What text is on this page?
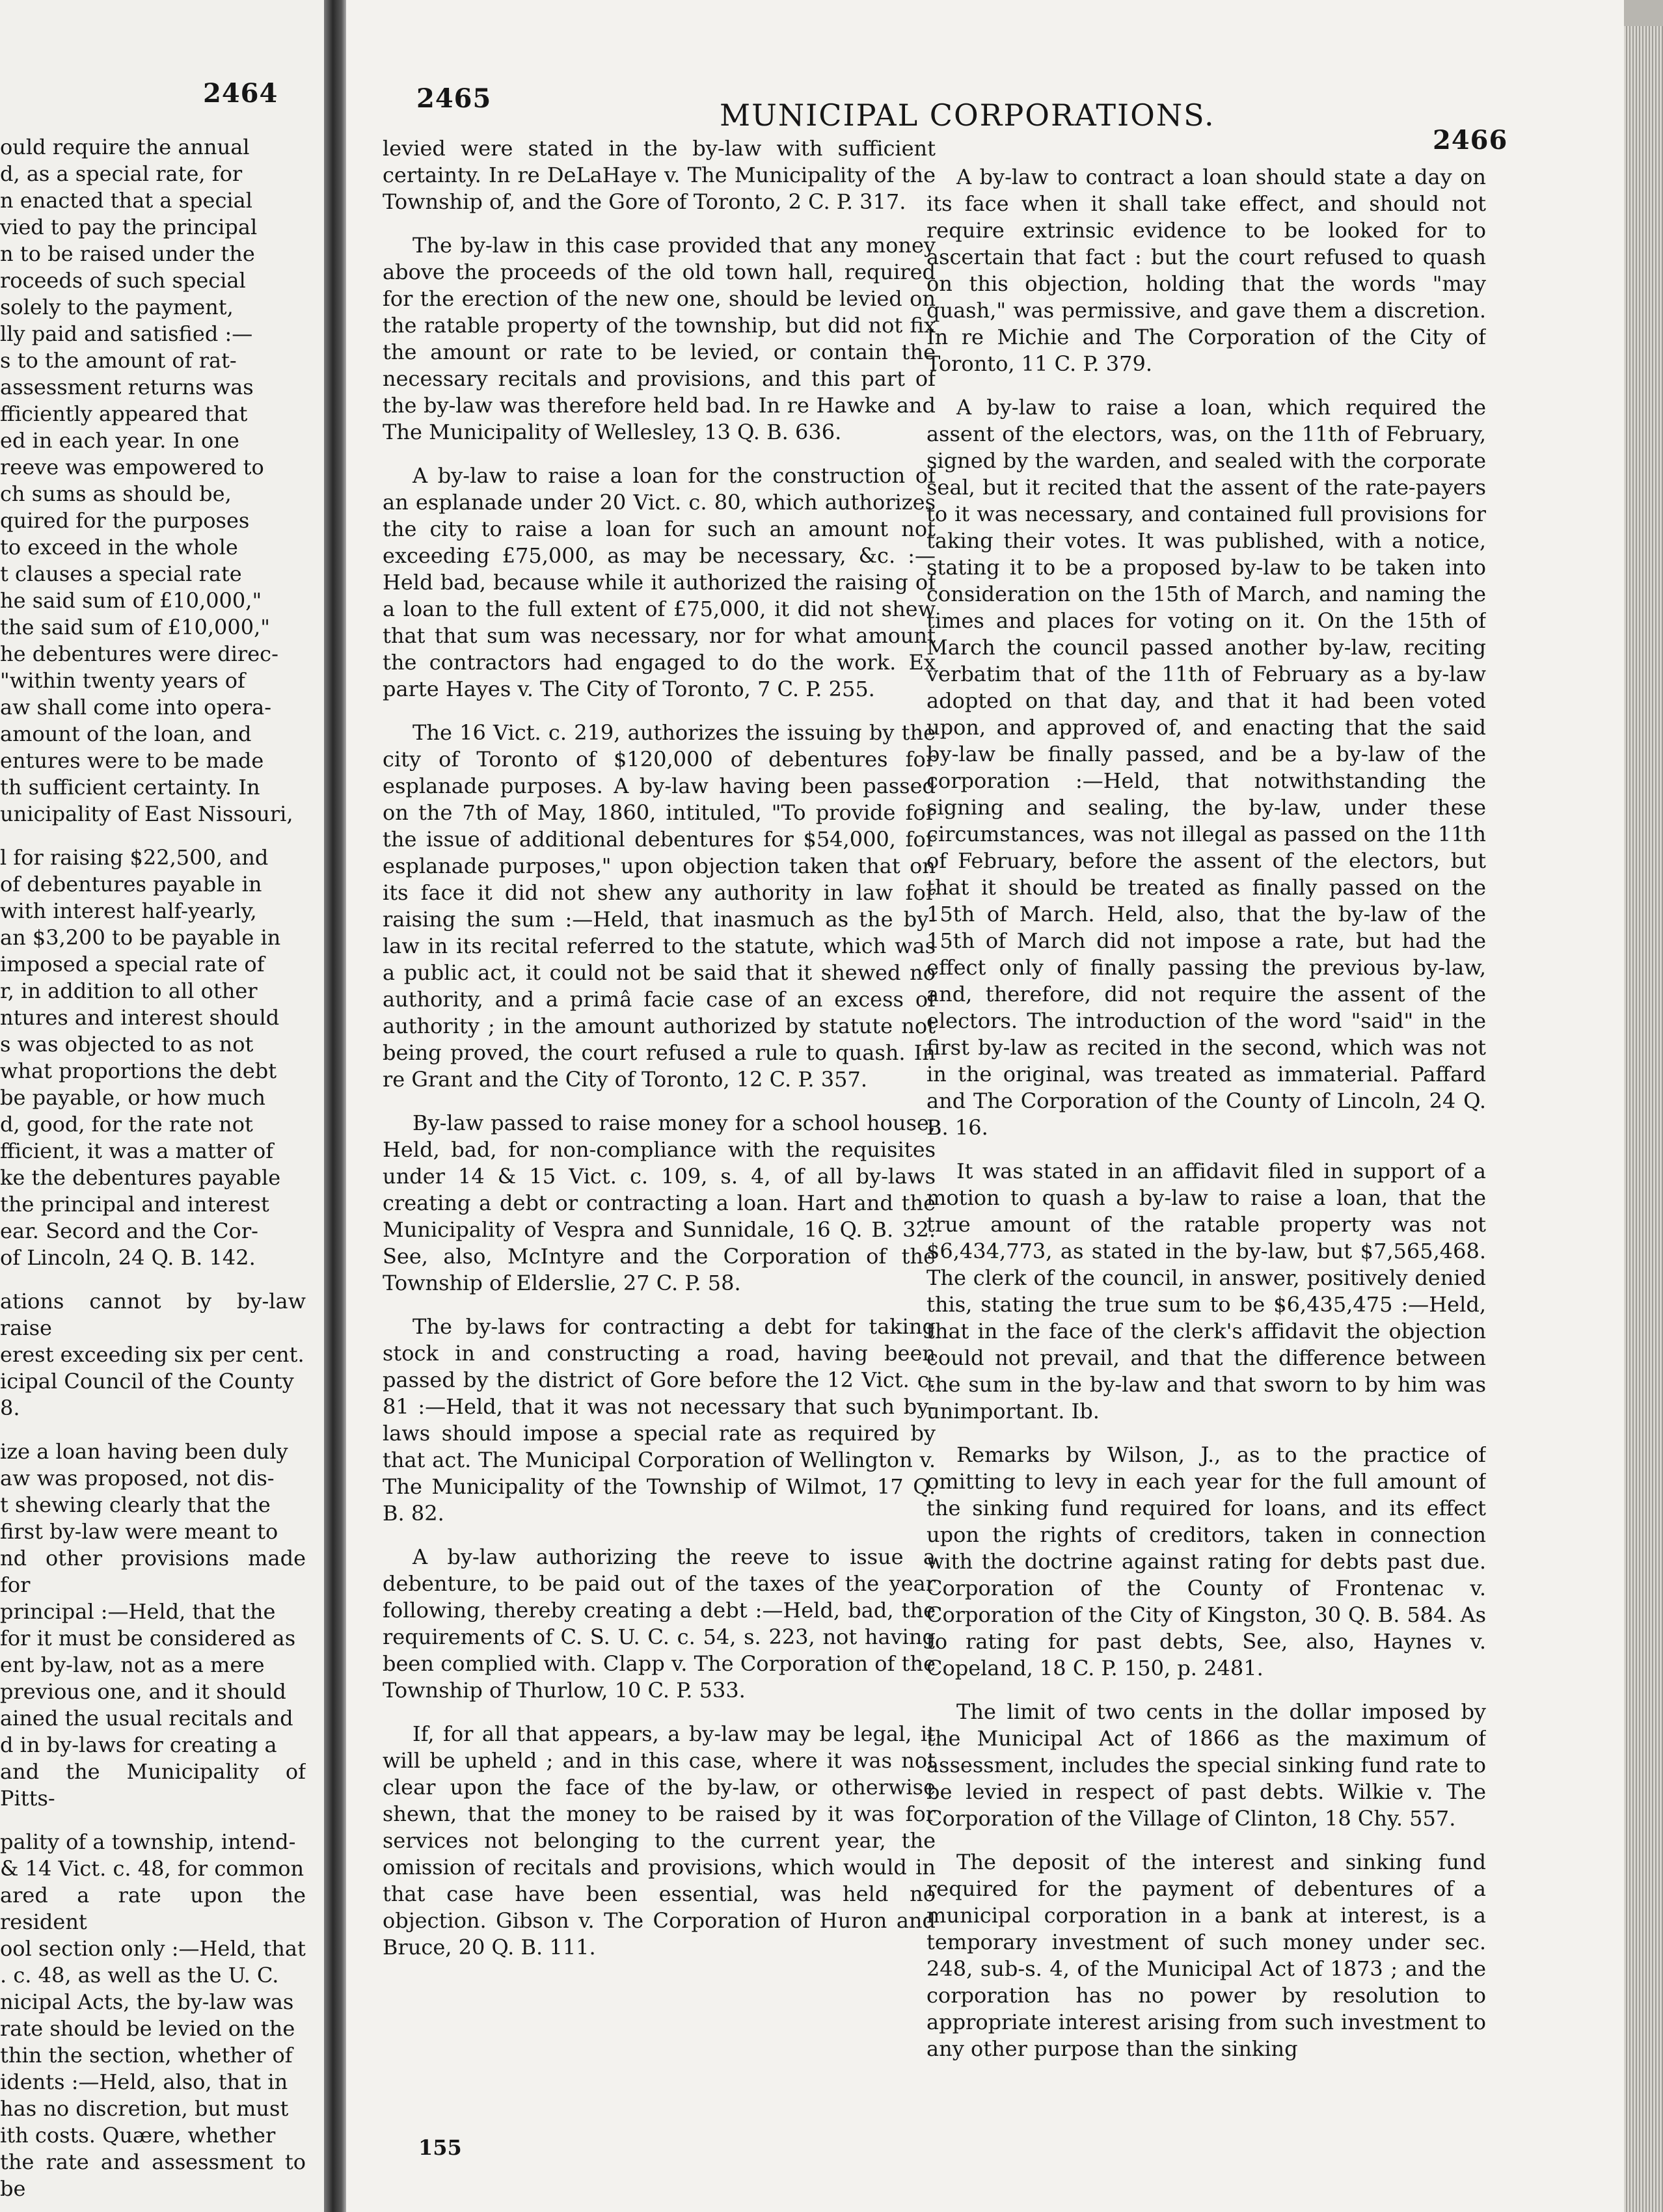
2464

ould require the annual
d, as a special rate, for
n enacted that a special
vied to pay the principal
n to be raised under the
roceeds of such special
solely to the payment,
lly paid and satisfied :—
s to the amount of rat-
assessment returns was
fficiently appeared that
ed in each year. In one
reeve was empowered to
ch sums as should be,
quired for the purposes
to exceed in the whole
t clauses a special rate
he said sum of £10,000,"
the said sum of £10,000,"
he debentures were direc-
"within twenty years of
aw shall come into opera-
amount of the loan, and
entures were to be made
th sufficient certainty. In
unicipality of East Nissouri,

l for raising $22,500, and
of debentures payable in
with interest half-yearly,
an $3,200 to be payable in
imposed a special rate of
r, in addition to all other
ntures and interest should
s was objected to as not
what proportions the debt
be payable, or how much
d, good, for the rate not
fficient, it was a matter of
ke the debentures payable
the principal and interest
ear. Secord and the Cor-
of Lincoln, 24 Q. B. 142.

ations cannot by by-law raise
erest exceeding six per cent.
icipal Council of the County
8.

ize a loan having been duly
aw was proposed, not dis-
t shewing clearly that the
first by-law were meant to
nd other provisions made for
principal :—Held, that the
for it must be considered as
ent by-law, not as a mere
previous one, and it should
ained the usual recitals and
d in by-laws for creating a
and the Municipality of Pitts-

pality of a township, intend-
& 14 Vict. c. 48, for common
ared a rate upon the resident
ool section only :—Held, that
. c. 48, as well as the U. C.
nicipal Acts, the by-law was
rate should be levied on the
thin the section, whether of
idents :—Held, also, that in
has no discretion, but must
ith costs. Quære, whether
the rate and assessment to be

2465	MUNICIPAL CORPORATIONS.
2466

levied were stated in the by-law with sufficient certainty. In re DeLaHaye v. The Municipality of the Township of, and the Gore of Toronto, 2 C. P. 317.

The by-law in this case provided that any money above the proceeds of the old town hall, required for the erection of the new one, should be levied on the ratable property of the township, but did not fix the amount or rate to be levied, or contain the necessary recitals and provisions, and this part of the by-law was therefore held bad. In re Hawke and The Municipality of Wellesley, 13 Q. B. 636.

A by-law to raise a loan for the construction of an esplanade under 20 Vict. c. 80, which authorizes the city to raise a loan for such an amount not exceeding £75,000, as may be necessary, &c. :—Held bad, because while it authorized the raising of a loan to the full extent of £75,000, it did not shew that that sum was necessary, nor for what amount the contractors had engaged to do the work. Ex parte Hayes v. The City of Toronto, 7 C. P. 255.

The 16 Vict. c. 219, authorizes the issuing by the city of Toronto of $120,000 of debentures for esplanade purposes. A by-law having been passed on the 7th of May, 1860, intituled, "To provide for the issue of additional debentures for $54,000, for esplanade purposes," upon objection taken that on its face it did not shew any authority in law for raising the sum :—Held, that inasmuch as the by-law in its recital referred to the statute, which was a public act, it could not be said that it shewed no authority, and a primâ facie case of an excess of authority ; in the amount authorized by statute not being proved, the court refused a rule to quash. In re Grant and the City of Toronto, 12 C. P. 357.

By-law passed to raise money for a school house, Held, bad, for non-compliance with the requisites under 14 & 15 Vict. c. 109, s. 4, of all by-laws creating a debt or contracting a loan. Hart and the Municipality of Vespra and Sunnidale, 16 Q. B. 32. See, also, McIntyre and the Corporation of the Township of Elderslie, 27 C. P. 58.

The by-laws for contracting a debt for taking stock in and constructing a road, having been passed by the district of Gore before the 12 Vict. c. 81 :—Held, that it was not necessary that such by-laws should impose a special rate as required by that act. The Municipal Corporation of Wellington v. The Municipality of the Township of Wilmot, 17 Q. B. 82.

A by-law authorizing the reeve to issue a debenture, to be paid out of the taxes of the year following, thereby creating a debt :—Held, bad, the requirements of C. S. U. C. c. 54, s. 223, not having been complied with. Clapp v. The Corporation of the Township of Thurlow, 10 C. P. 533.

If, for all that appears, a by-law may be legal, it will be upheld ; and in this case, where it was not clear upon the face of the by-law, or otherwise shewn, that the money to be raised by it was for services not belonging to the current year, the omission of recitals and provisions, which would in that case have been essential, was held no objection. Gibson v. The Corporation of Huron and Bruce, 20 Q. B. 111.

A by-law to contract a loan should state a day on its face when it shall take effect, and should not require extrinsic evidence to be looked for to ascertain that fact : but the court refused to quash on this objection, holding that the words "may quash," was permissive, and gave them a discretion. In re Michie and The Corporation of the City of Toronto, 11 C. P. 379.

A by-law to raise a loan, which required the assent of the electors, was, on the 11th of February, signed by the warden, and sealed with the corporate seal, but it recited that the assent of the rate-payers to it was necessary, and contained full provisions for taking their votes. It was published, with a notice, stating it to be a proposed by-law to be taken into consideration on the 15th of March, and naming the times and places for voting on it. On the 15th of March the council passed another by-law, reciting verbatim that of the 11th of February as a by-law adopted on that day, and that it had been voted upon, and approved of, and enacting that the said by-law be finally passed, and be a by-law of the corporation :—Held, that notwithstanding the signing and sealing, the by-law, under these circumstances, was not illegal as passed on the 11th of February, before the assent of the electors, but that it should be treated as finally passed on the 15th of March. Held, also, that the by-law of the 15th of March did not impose a rate, but had the effect only of finally passing the previous by-law, and, therefore, did not require the assent of the electors. The introduction of the word "said" in the first by-law as recited in the second, which was not in the original, was treated as immaterial. Paffard and The Corporation of the County of Lincoln, 24 Q. B. 16.

It was stated in an affidavit filed in support of a motion to quash a by-law to raise a loan, that the true amount of the ratable property was not $6,434,773, as stated in the by-law, but $7,565,468. The clerk of the council, in answer, positively denied this, stating the true sum to be $6,435,475 :—Held, that in the face of the clerk's affidavit the objection could not prevail, and that the difference between the sum in the by-law and that sworn to by him was unimportant. Ib.

Remarks by Wilson, J., as to the practice of omitting to levy in each year for the full amount of the sinking fund required for loans, and its effect upon the rights of creditors, taken in connection with the doctrine against rating for debts past due. Corporation of the County of Frontenac v. Corporation of the City of Kingston, 30 Q. B. 584. As to rating for past debts, See, also, Haynes v. Copeland, 18 C. P. 150, p. 2481.

The limit of two cents in the dollar imposed by the Municipal Act of 1866 as the maximum of assessment, includes the special sinking fund rate to be levied in respect of past debts. Wilkie v. The Corporation of the Village of Clinton, 18 Chy. 557.

The deposit of the interest and sinking fund required for the payment of debentures of a municipal corporation in a bank at interest, is a temporary investment of such money under sec. 248, sub-s. 4, of the Municipal Act of 1873 ; and the corporation has no power by resolution to appropriate interest arising from such investment to any other purpose than the sinking

155
